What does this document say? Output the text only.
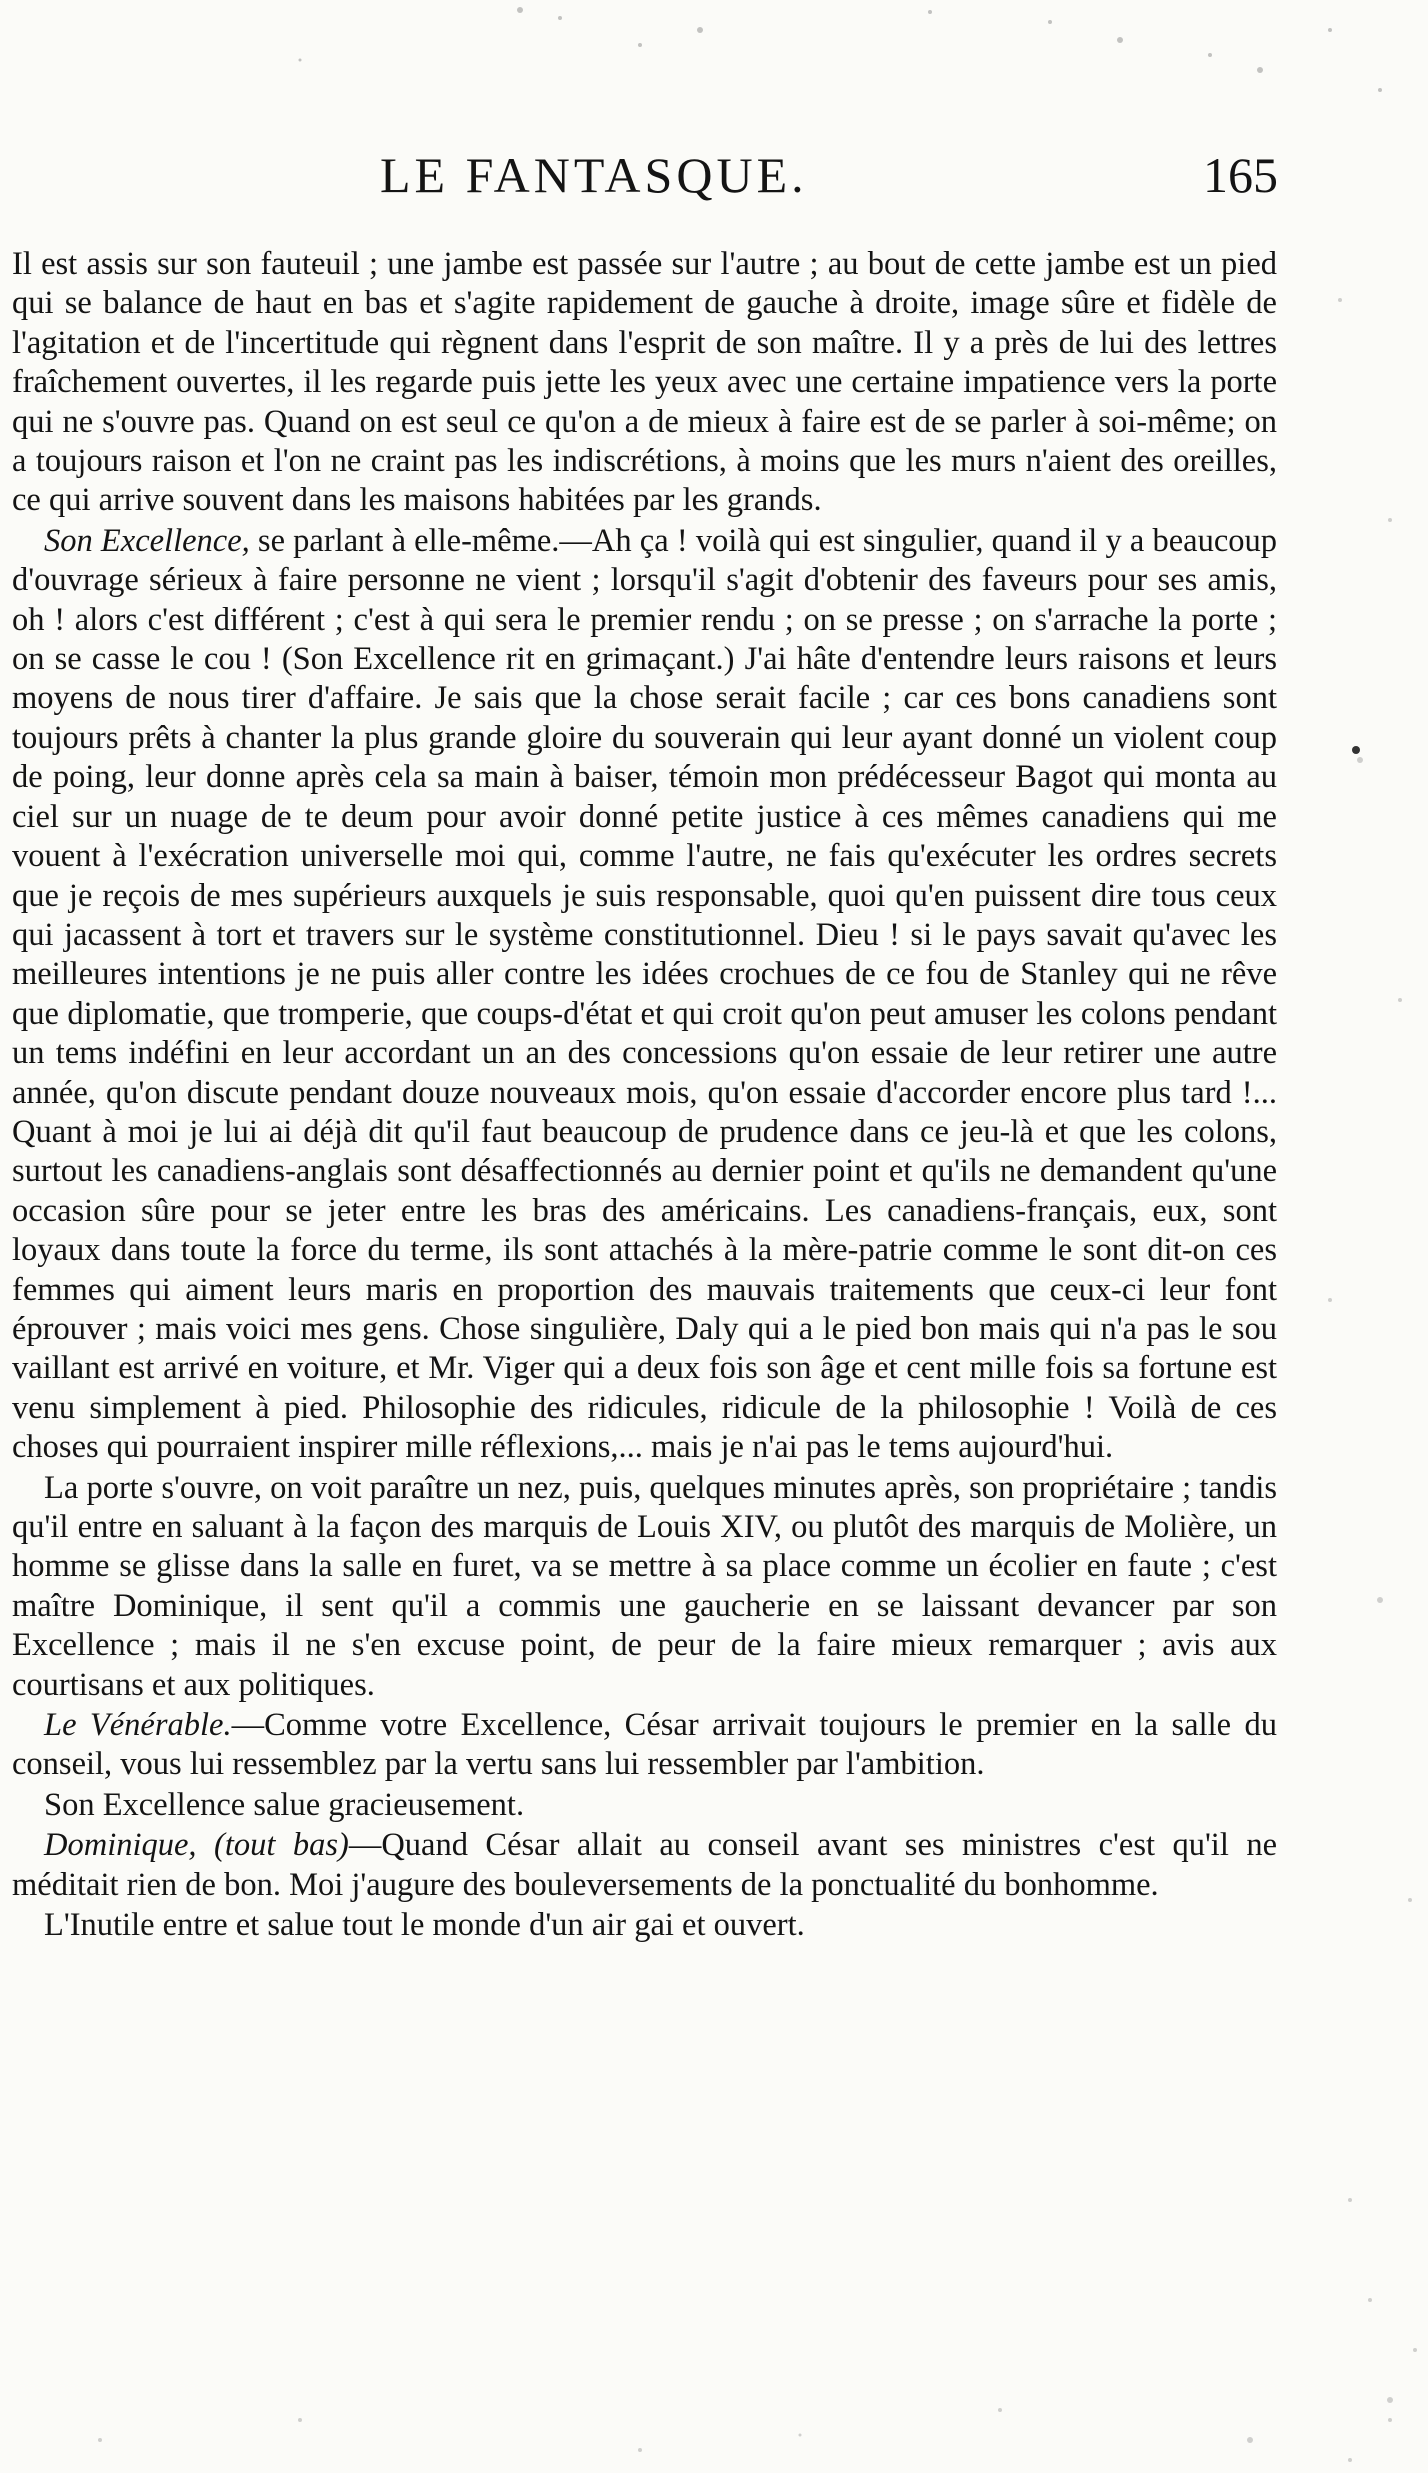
LE FANTASQUE.	165

Il est assis sur son fauteuil ; une jambe est passée sur l'autre ; au bout de cette jambe est un pied qui se balance de haut en bas et s'agite rapidement de gauche à droite, image sûre et fidèle de l'agitation et de l'incertitude qui règnent dans l'esprit de son maître. Il y a près de lui des lettres fraîchement ouvertes, il les regarde puis jette les yeux avec une certaine impatience vers la porte qui ne s'ouvre pas. Quand on est seul ce qu'on a de mieux à faire est de se parler à soi-même; on a toujours raison et l'on ne craint pas les indiscrétions, à moins que les murs n'aient des oreilles, ce qui arrive souvent dans les maisons habitées par les grands.

Son Excellence, se parlant à elle-même.—Ah ça ! voilà qui est singulier, quand il y a beaucoup d'ouvrage sérieux à faire personne ne vient ; lorsqu'il s'agit d'obtenir des faveurs pour ses amis, oh ! alors c'est différent ; c'est à qui sera le premier rendu ; on se presse ; on s'arrache la porte ; on se casse le cou ! (Son Excellence rit en grimaçant.) J'ai hâte d'entendre leurs raisons et leurs moyens de nous tirer d'affaire. Je sais que la chose serait facile ; car ces bons canadiens sont toujours prêts à chanter la plus grande gloire du souverain qui leur ayant donné un violent coup de poing, leur donne après cela sa main à baiser, témoin mon prédécesseur Bagot qui monta au ciel sur un nuage de te deum pour avoir donné petite justice à ces mêmes canadiens qui me vouent à l'exécration universelle moi qui, comme l'autre, ne fais qu'exécuter les ordres secrets que je reçois de mes supérieurs auxquels je suis responsable, quoi qu'en puissent dire tous ceux qui jacassent à tort et travers sur le système constitutionnel. Dieu ! si le pays savait qu'avec les meilleures intentions je ne puis aller contre les idées crochues de ce fou de Stanley qui ne rêve que diplomatie, que tromperie, que coups-d'état et qui croit qu'on peut amuser les colons pendant un tems indéfini en leur accordant un an des concessions qu'on essaie de leur retirer une autre année, qu'on discute pendant douze nouveaux mois, qu'on essaie d'accorder encore plus tard !... Quant à moi je lui ai déjà dit qu'il faut beaucoup de prudence dans ce jeu-là et que les colons, surtout les canadiens-anglais sont désaffectionnés au dernier point et qu'ils ne demandent qu'une occasion sûre pour se jeter entre les bras des américains. Les canadiens-français, eux, sont loyaux dans toute la force du terme, ils sont attachés à la mère-patrie comme le sont dit-on ces femmes qui aiment leurs maris en proportion des mauvais traitements que ceux-ci leur font éprouver ; mais voici mes gens. Chose singulière, Daly qui a le pied bon mais qui n'a pas le sou vaillant est arrivé en voiture, et Mr. Viger qui a deux fois son âge et cent mille fois sa fortune est venu simplement à pied. Philosophie des ridicules, ridicule de la philosophie ! Voilà de ces choses qui pourraient inspirer mille réflexions,... mais je n'ai pas le tems aujourd'hui.

La porte s'ouvre, on voit paraître un nez, puis, quelques minutes après, son propriétaire ; tandis qu'il entre en saluant à la façon des marquis de Louis XIV, ou plutôt des marquis de Molière, un homme se glisse dans la salle en furet, va se mettre à sa place comme un écolier en faute ; c'est maître Dominique, il sent qu'il a commis une gaucherie en se laissant devancer par son Excellence ; mais il ne s'en excuse point, de peur de la faire mieux remarquer ; avis aux courtisans et aux politiques.

Le Vénérable.—Comme votre Excellence, César arrivait toujours le premier en la salle du conseil, vous lui ressemblez par la vertu sans lui ressembler par l'ambition.

Son Excellence salue gracieusement.

Dominique, (tout bas)—Quand César allait au conseil avant ses ministres c'est qu'il ne méditait rien de bon. Moi j'augure des bouleversements de la ponctualité du bonhomme.

L'Inutile entre et salue tout le monde d'un air gai et ouvert.
